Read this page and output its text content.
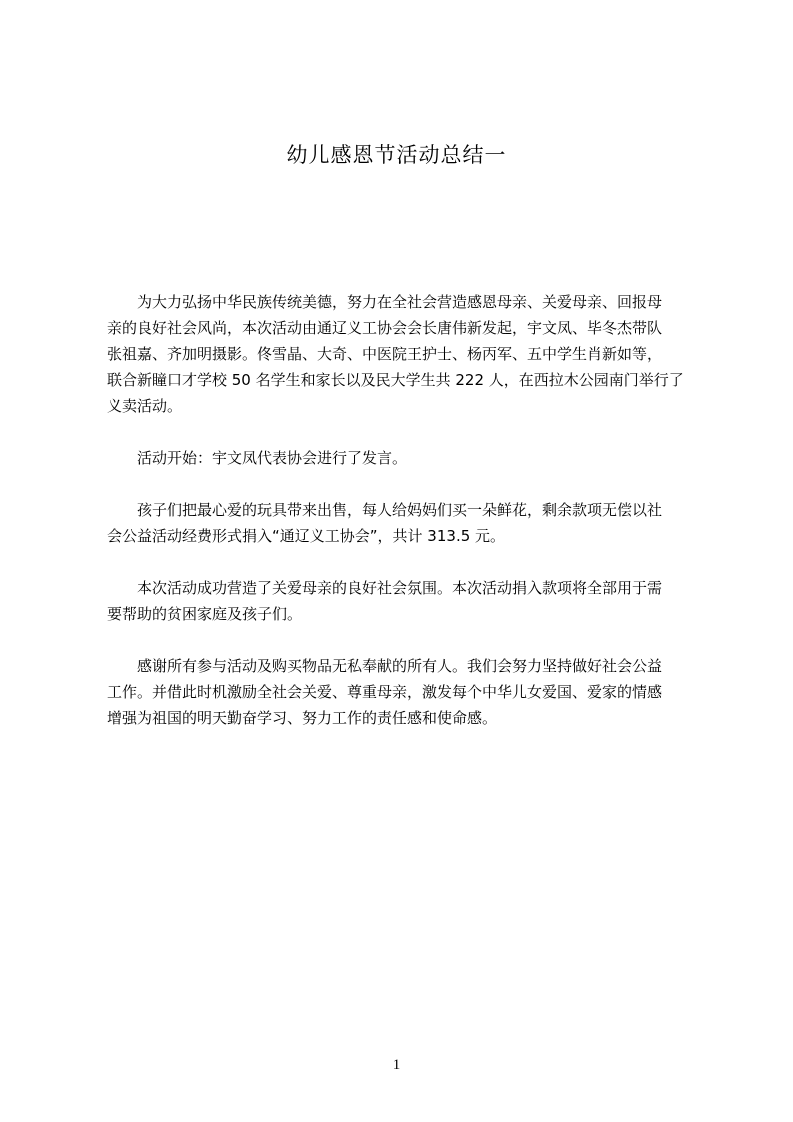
幼儿感恩节活动总结一
为大力弘扬中华民族传统美德，努力在全社会营造感恩母亲、关爱母亲、回报母
亲的良好社会风尚，本次活动由通辽义工协会会长唐伟新发起，宇文凤、毕冬杰带队
张祖嘉、齐加明摄影。佟雪晶、大奇、中医院王护士、杨丙军、五中学生肖新如等，
联合新瞳口才学校 50 名学生和家长以及民大学生共 222 人，在西拉木公园南门举行了
义卖活动。
活动开始：宇文凤代表协会进行了发言。
孩子们把最心爱的玩具带来出售，每人给妈妈们买一朵鲜花，剩余款项无偿以社
会公益活动经费形式捐入“通辽义工协会”，共计 313.5 元。
本次活动成功营造了关爱母亲的良好社会氛围。本次活动捐入款项将全部用于需
要帮助的贫困家庭及孩子们。
感谢所有参与活动及购买物品无私奉献的所有人。我们会努力坚持做好社会公益
工作。并借此时机激励全社会关爱、尊重母亲，激发每个中华儿女爱国、爱家的情感
增强为祖国的明天勤奋学习、努力工作的责任感和使命感。
1
